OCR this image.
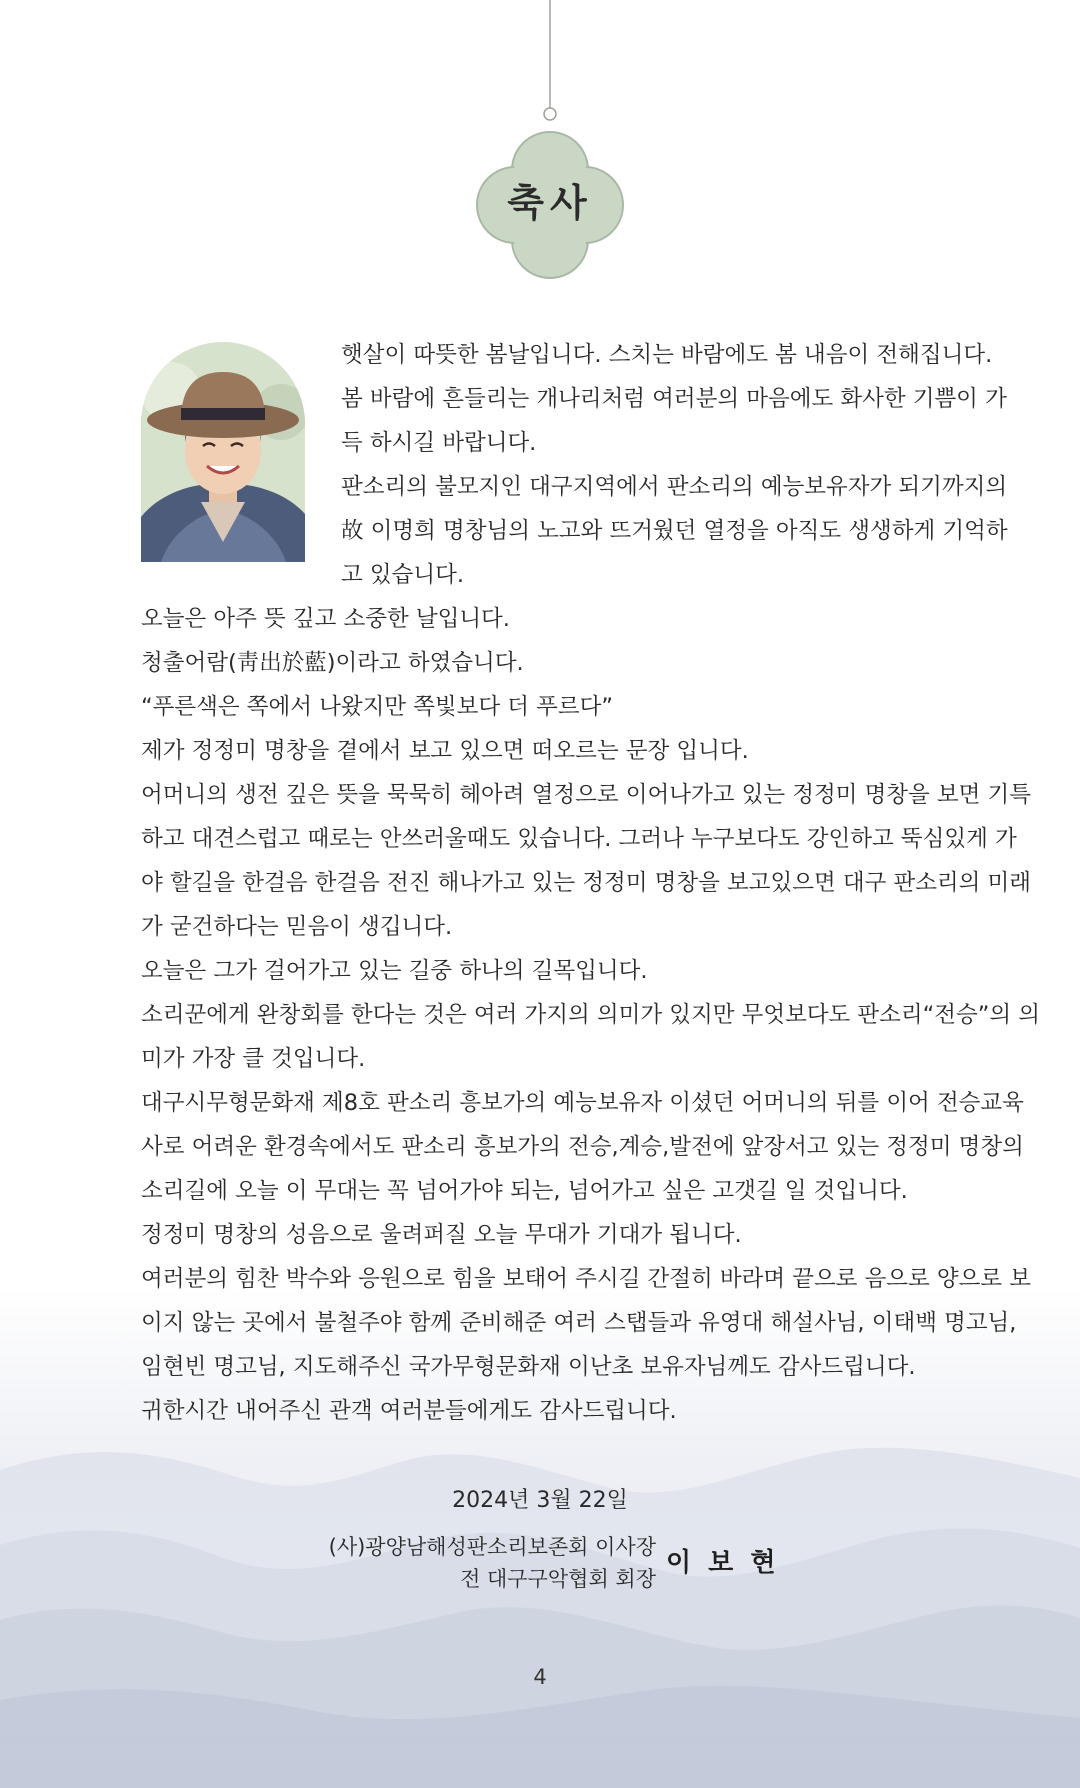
축사
햇살이 따뜻한 봄날입니다. 스치는 바람에도 봄 내음이 전해집니다.
봄 바람에 흔들리는 개나리처럼 여러분의 마음에도 화사한 기쁨이 가
득 하시길 바랍니다.
판소리의 불모지인 대구지역에서 판소리의 예능보유자가 되기까지의
故 이명희 명창님의 노고와 뜨거웠던 열정을 아직도 생생하게 기억하
고 있습니다.
오늘은 아주 뜻 깊고 소중한 날입니다.
청출어람(靑出於藍)이라고 하였습니다.
“푸른색은 쪽에서 나왔지만 쪽빛보다 더 푸르다”
제가 정정미 명창을 곁에서 보고 있으면 떠오르는 문장 입니다.
어머니의 생전 깊은 뜻을 묵묵히 헤아려 열정으로 이어나가고 있는 정정미 명창을 보면 기특
하고 대견스럽고 때로는 안쓰러울때도 있습니다. 그러나 누구보다도 강인하고 뚝심있게 가
야 할길을 한걸음 한걸음 전진 해나가고 있는 정정미 명창을 보고있으면 대구 판소리의 미래
가 굳건하다는 믿음이 생깁니다.
오늘은 그가 걸어가고 있는 길중 하나의 길목입니다.
소리꾼에게 완창회를 한다는 것은 여러 가지의 의미가 있지만 무엇보다도 판소리“전승”의 의
미가 가장 클 것입니다.
대구시무형문화재 제8호 판소리 흥보가의 예능보유자 이셨던 어머니의 뒤를 이어 전승교육
사로 어려운 환경속에서도 판소리 흥보가의 전승,계승,발전에 앞장서고 있는 정정미 명창의
소리길에 오늘 이 무대는 꼭 넘어가야 되는, 넘어가고 싶은 고갯길 일 것입니다.
정정미 명창의 성음으로 울려퍼질 오늘 무대가 기대가 됩니다.
여러분의 힘찬 박수와 응원으로 힘을 보태어 주시길 간절히 바라며 끝으로 음으로 양으로 보
이지 않는 곳에서 불철주야 함께 준비해준 여러 스탭들과 유영대 해설사님, 이태백 명고님,
임현빈 명고님, 지도해주신 국가무형문화재 이난초 보유자님께도 감사드립니다.
귀한시간 내어주신 관객 여러분들에게도 감사드립니다.
2024년 3월 22일
(사)광양남해성판소리보존회 이사장
전 대구구악협회 회장
이 보 현
4
